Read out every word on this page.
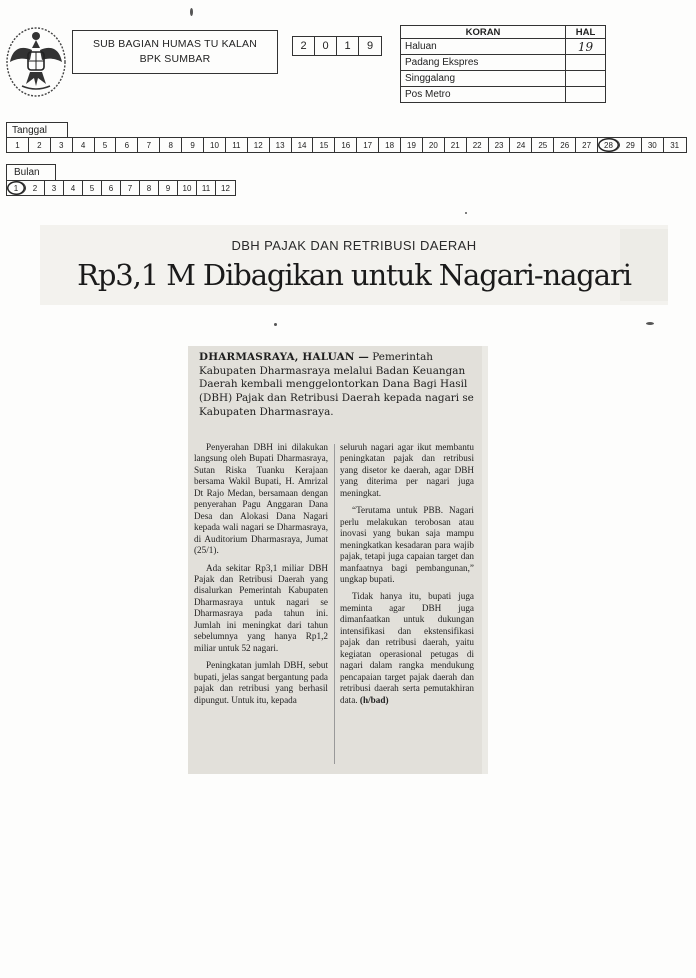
SUB BAGIAN HUMAS TU KALAN
BPK SUMBAR
2	0	1	9
KORAN	HAL
Haluan	19
Padang Ekspres	
Singgalang	
Pos Metro	
Tanggal
1	2	3	4	5	6	7	8	9	10	11	12	13	14	15	16	17	18	19	20	21	22	23	24	25	26	27	28	29	30	31
Bulan
1	2	3	4	5	6	7	8	9	10	11	12
DBH PAJAK DAN RETRIBUSI DAERAH
Rp3,1 M Dibagikan untuk Nagari-nagari
DHARMASRAYA, HALUAN — Pemerintah Kabupaten Dharmasraya melalui Badan Keuangan Daerah kembali menggelontorkan Dana Bagi Hasil (DBH) Pajak dan Retribusi Daerah kepada nagari se Kabupaten Dharmasraya.

Penyerahan DBH ini dilakukan langsung oleh Bupati Dharmasraya, Sutan Riska Tuanku Kerajaan bersama Wakil Bupati, H. Amrizal Dt Rajo Medan, bersamaan dengan penyerahan Pagu Anggaran Dana Desa dan Alokasi Dana Nagari kepada wali nagari se Dharmasraya, di Auditorium Dharmasraya, Jumat (25/1).

Ada sekitar Rp3,1 miliar DBH Pajak dan Retribusi Daerah yang disalurkan Pemerintah Kabupaten Dharmasraya untuk nagari se Dharmasraya pada tahun ini. Jumlah ini meningkat dari tahun sebelumnya yang hanya Rp1,2 miliar untuk 52 nagari.

Peningkatan jumlah DBH, sebut bupati, jelas sangat bergantung pada pajak dan retribusi yang berhasil dipungut. Untuk itu, kepada

seluruh nagari agar ikut membantu peningkatan pajak dan retribusi yang disetor ke daerah, agar DBH yang diterima per nagari juga meningkat.

“Terutama untuk PBB. Nagari perlu melakukan terobosan atau inovasi yang bukan saja mampu meningkatkan kesadaran para wajib pajak, tetapi juga capaian target dan manfaatnya bagi pembangunan,” ungkap bupati.

Tidak hanya itu, bupati juga meminta agar DBH juga dimanfaatkan untuk dukungan intensifikasi dan ekstensifikasi pajak dan retribusi daerah, yaitu kegiatan operasional petugas di nagari dalam rangka mendukung pencapaian target pajak daerah dan retribusi daerah serta pemutakhiran data. (h/bad)
